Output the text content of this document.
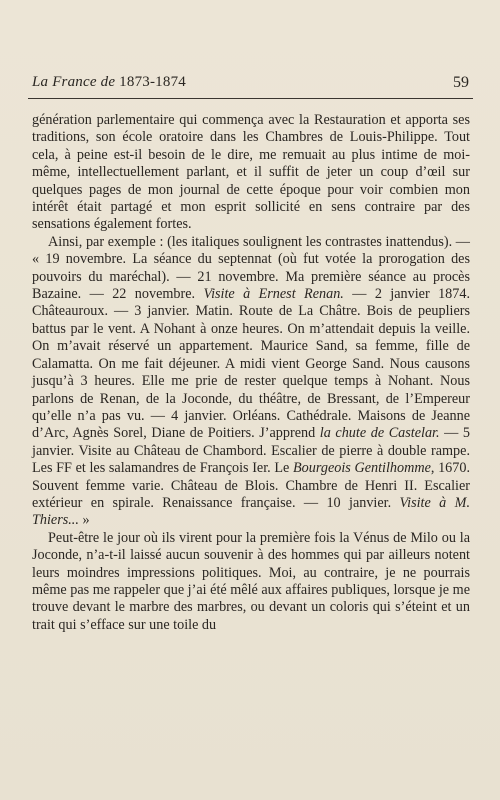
La France de 1873-1874	59

génération parlementaire qui commença avec la Restauration et apporta ses traditions, son école oratoire dans les Chambres de Louis-Philippe. Tout cela, à peine est-il besoin de le dire, me remuait au plus intime de moi-même, intellectuellement parlant, et il suffit de jeter un coup d’œil sur quelques pages de mon journal de cette époque pour voir combien mon intérêt était partagé et mon esprit sollicité en sens contraire par des sensations également fortes.

Ainsi, par exemple : (les italiques soulignent les contrastes inattendus). — « 19 novembre. La séance du septennat (où fut votée la prorogation des pouvoirs du maréchal). — 21 novembre. Ma première séance au procès Bazaine. — 22 novembre. Visite à Ernest Renan. — 2 janvier 1874. Châteauroux. — 3 janvier. Matin. Route de La Châtre. Bois de peupliers battus par le vent. A Nohant à onze heures. On m’attendait depuis la veille. On m’avait réservé un appartement. Maurice Sand, sa femme, fille de Calamatta. On me fait déjeuner. A midi vient George Sand. Nous causons jusqu’à 3 heures. Elle me prie de rester quelque temps à Nohant. Nous parlons de Renan, de la Joconde, du théâtre, de Bressant, de l’Empereur qu’elle n’a pas vu. — 4 janvier. Orléans. Cathédrale. Maisons de Jeanne d’Arc, Agnès Sorel, Diane de Poitiers. J’apprend la chute de Castelar. — 5 janvier. Visite au Château de Chambord. Escalier de pierre à double rampe. Les FF et les salamandres de François Ier. Le Bourgeois Gentilhomme, 1670. Souvent femme varie. Château de Blois. Chambre de Henri II. Escalier extérieur en spirale. Renaissance française. — 10 janvier. Visite à M. Thiers... »

Peut-être le jour où ils virent pour la première fois la Vénus de Milo ou la Joconde, n’a-t-il laissé aucun souvenir à des hommes qui par ailleurs notent leurs moindres impressions politiques. Moi, au contraire, je ne pourrais même pas me rappeler que j’ai été mêlé aux affaires publiques, lorsque je me trouve devant le marbre des marbres, ou devant un coloris qui s’éteint et un trait qui s’efface sur une toile du
